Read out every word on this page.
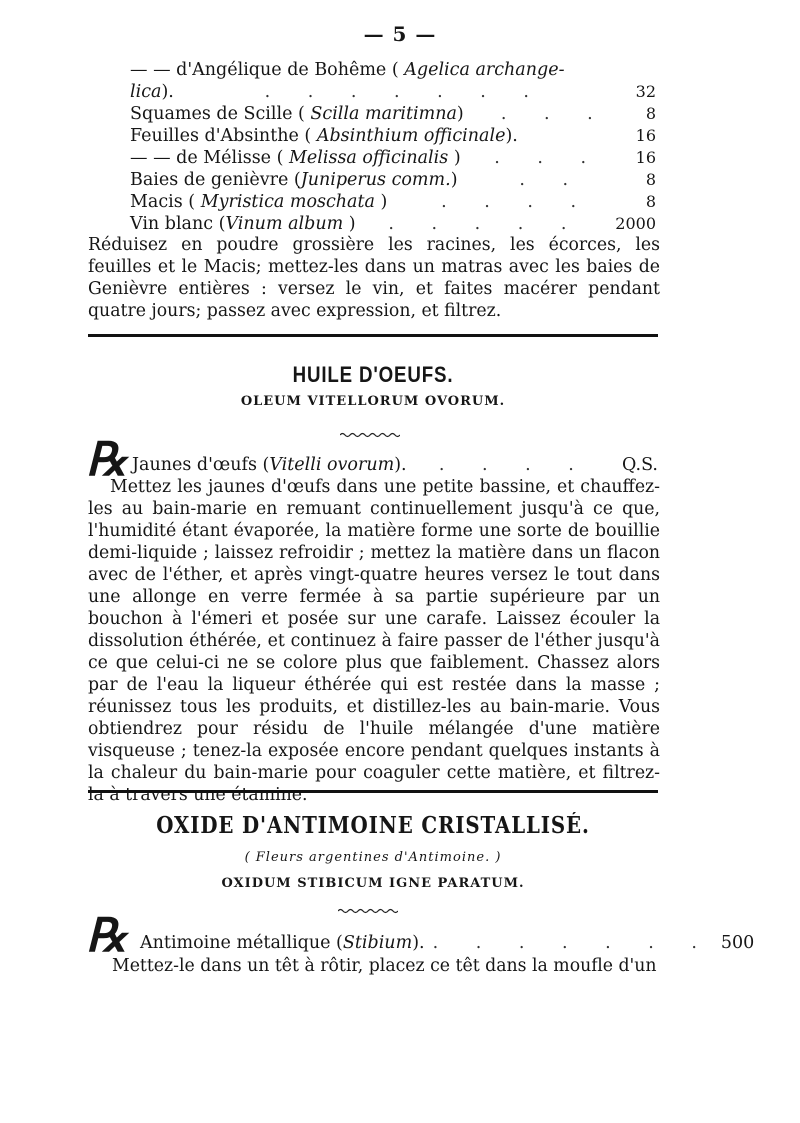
— 5 —
— — d'Angélique de Bohême ( Agelica archange-
lica).	. . . . . . .	32
Squames de Scille ( Scilla maritimna)	. . .	8
Feuilles d'Absinthe ( Absinthium officinale).	16
— — de Mélisse ( Melissa officinalis )	. . .	16
Baies de genièvre (Juniperus comm.)	. .	8
Macis ( Myristica moschata )	. . . .	8
Vin blanc (Vinum album )	. . . . .	2000

Réduisez en poudre grossière les racines, les écorces, les feuilles et le Macis; mettez-les dans un matras avec les baies de Genièvre entières : versez le vin, et faites macérer pendant quatre jours; passez avec expression, et filtrez.

HUILE D'OEUFS.
OLEUM VITELLORUM OVORUM.
℞ Jaunes d'œufs ( Vitelli ovorum ).	. . . .	Q.S.

Mettez les jaunes d'œufs dans une petite bassine, et chauffez-les au bain-marie en remuant continuellement jusqu'à ce que, l'humidité étant évaporée, la matière forme une sorte de bouillie demi-liquide ; laissez refroidir ; mettez la matière dans un flacon avec de l'éther, et après vingt-quatre heures versez le tout dans une allonge en verre fermée à sa partie supérieure par un bouchon à l'émeri et posée sur une carafe. Laissez écouler la dissolution éthérée, et continuez à faire passer de l'éther jusqu'à ce que celui-ci ne se colore plus que faiblement. Chassez alors par de l'eau la liqueur éthérée qui est restée dans la masse ; réunissez tous les produits, et distillez-les au bain-marie. Vous obtiendrez pour résidu de l'huile mélangée d'une matière visqueuse ; tenez-la exposée encore pendant quelques instants à la chaleur du bain-marie pour coaguler cette matière, et filtrez-la à travers une étamine.

OXIDE D'ANTIMOINE CRISTALLISÉ.
( Fleurs argentines d'Antimoine. )
OXIDUM STIBICUM IGNE PARATUM.
℞ Antimoine métallique ( Stibium ). . . . . . . . 500

Mettez-le dans un têt à rôtir, placez ce têt dans la moufle d'un
